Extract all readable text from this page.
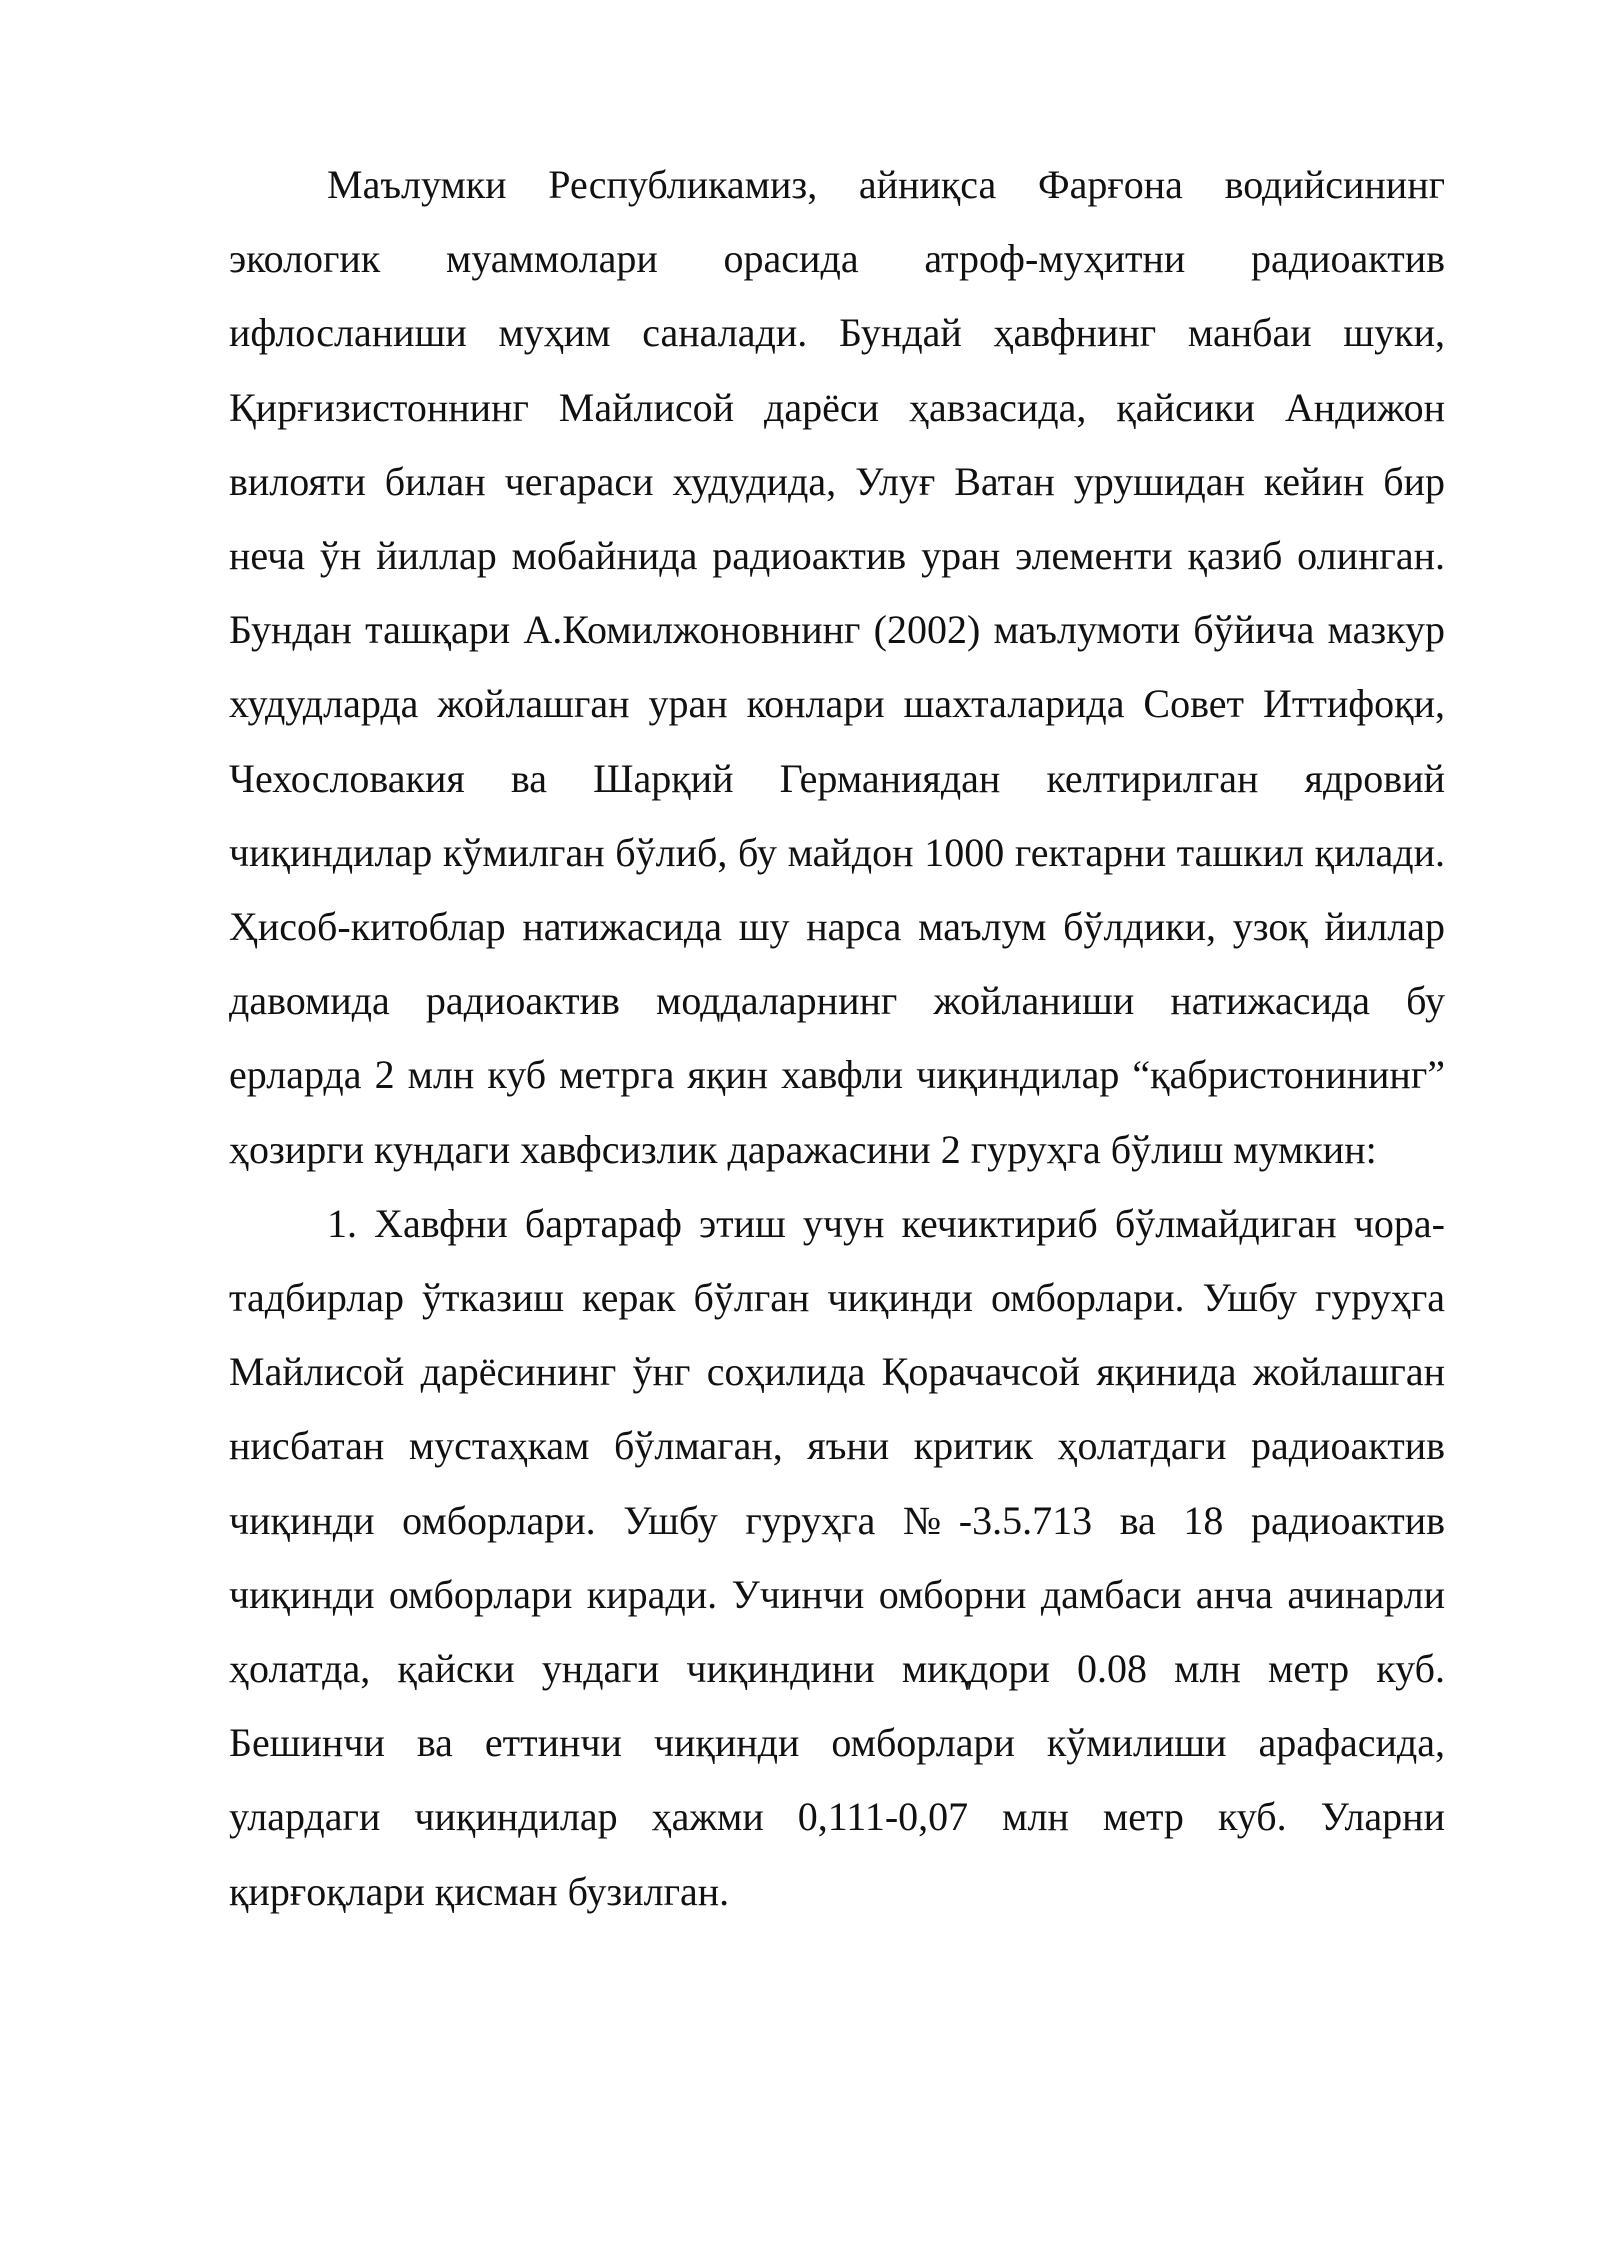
Маълумки Республикамиз, айниқса Фарғона водийсининг экологик муаммолари орасида атроф-муҳитни радиоактив ифлосланиши муҳим саналади. Бундай ҳавфнинг манбаи шуки, Қирғизистоннинг Майлисой дарёси ҳавзасида, қайсики Андижон вилояти билан чегараси худудида, Улуғ Ватан урушидан кейин бир неча ўн йиллар мобайнида радиоактив уран элементи қазиб олинган. Бундан ташқари А.Комилжоновнинг (2002) маълумоти бўйича мазкур худудларда жойлашган уран конлари шахталарида Совет Иттифоқи, Чехословакия ва Шарқий Германиядан келтирилган ядровий чиқиндилар кўмилган бўлиб, бу майдон 1000 гектарни ташкил қилади. Ҳисоб-китоблар натижасида шу нарса маълум бўлдики, узоқ йиллар давомида радиоактив моддаларнинг жойланиши натижасида бу ерларда 2 млн куб метрга яқин хавфли чиқиндилар “қабристонининг” ҳозирги кундаги хавфсизлик даражасини 2 гуруҳга бўлиш мумкин:

1. Хавфни бартараф этиш учун кечиктириб бўлмайдиган чора-тадбирлар ўтказиш керак бўлган чиқинди омборлари. Ушбу гуруҳга Майлисой дарёсининг ўнг соҳилида Қорачачсой яқинида жойлашган нисбатан мустаҳкам бўлмаган, яъни критик ҳолатдаги радиоактив чиқинди омборлари. Ушбу гуруҳга №-3.5.713 ва 18 радиоактив чиқинди омборлари киради. Учинчи омборни дамбаси анча ачинарли ҳолатда, қайски ундаги чиқиндини миқдори 0.08 млн метр куб. Бешинчи ва еттинчи чиқинди омборлари кўмилиши арафасида, улардаги чиқиндилар ҳажми 0,111-0,07 млн метр куб. Уларни қирғоқлари қисман бузилган.
